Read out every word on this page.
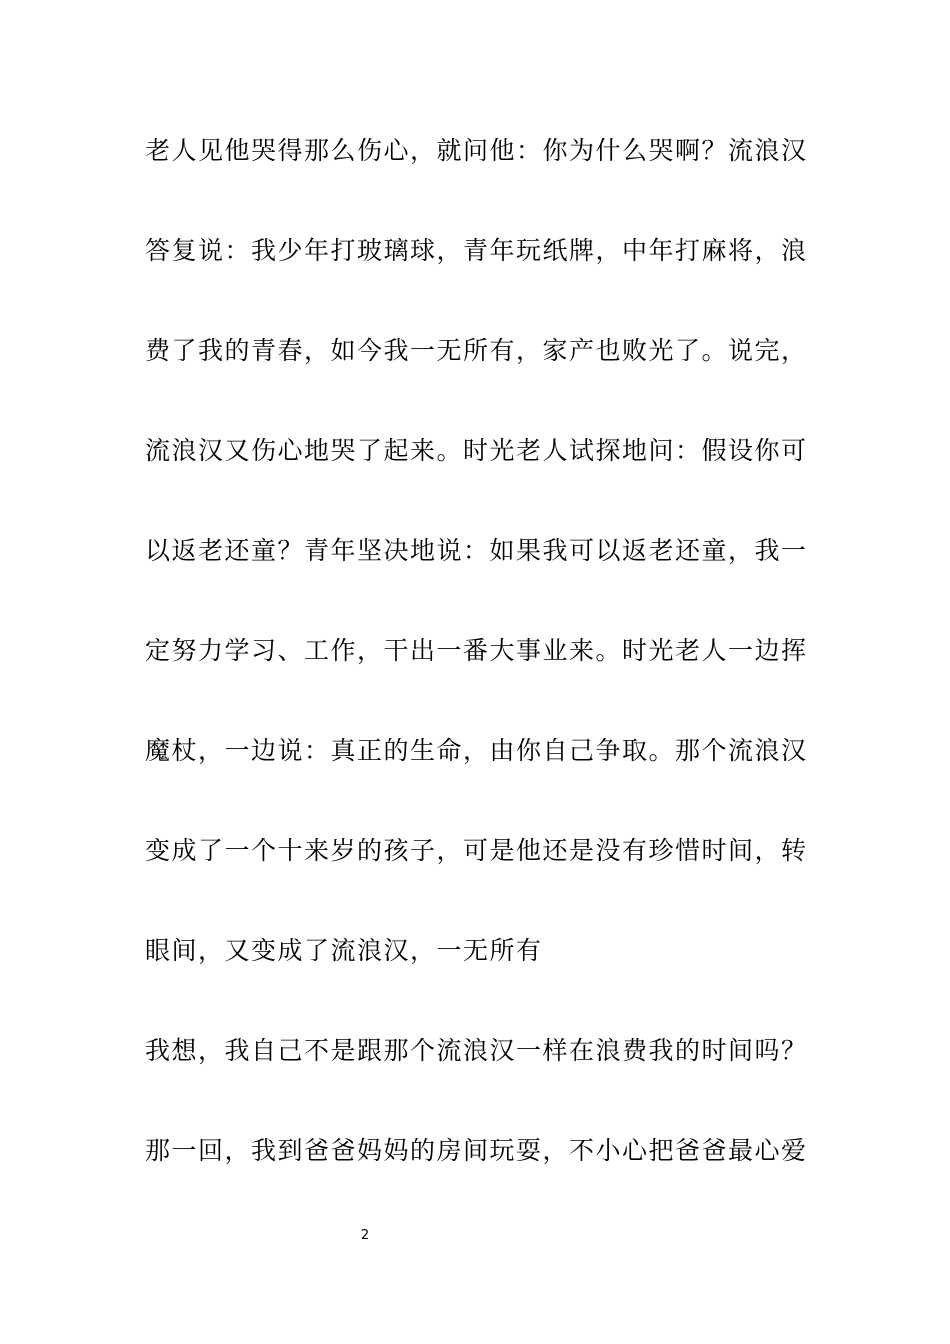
老人见他哭得那么伤心，就问他：你为什么哭啊？流浪汉
答复说：我少年打玻璃球，青年玩纸牌，中年打麻将，浪
费了我的青春，如今我一无所有，家产也败光了。说完，
流浪汉又伤心地哭了起来。时光老人试探地问：假设你可
以返老还童？青年坚决地说：如果我可以返老还童，我一
定努力学习、工作，干出一番大事业来。时光老人一边挥
魔杖，一边说：真正的生命，由你自己争取。那个流浪汉
变成了一个十来岁的孩子，可是他还是没有珍惜时间，转
眼间，又变成了流浪汉，一无所有
我想，我自己不是跟那个流浪汉一样在浪费我的时间吗？
那一回，我到爸爸妈妈的房间玩耍，不小心把爸爸最心爱
2
